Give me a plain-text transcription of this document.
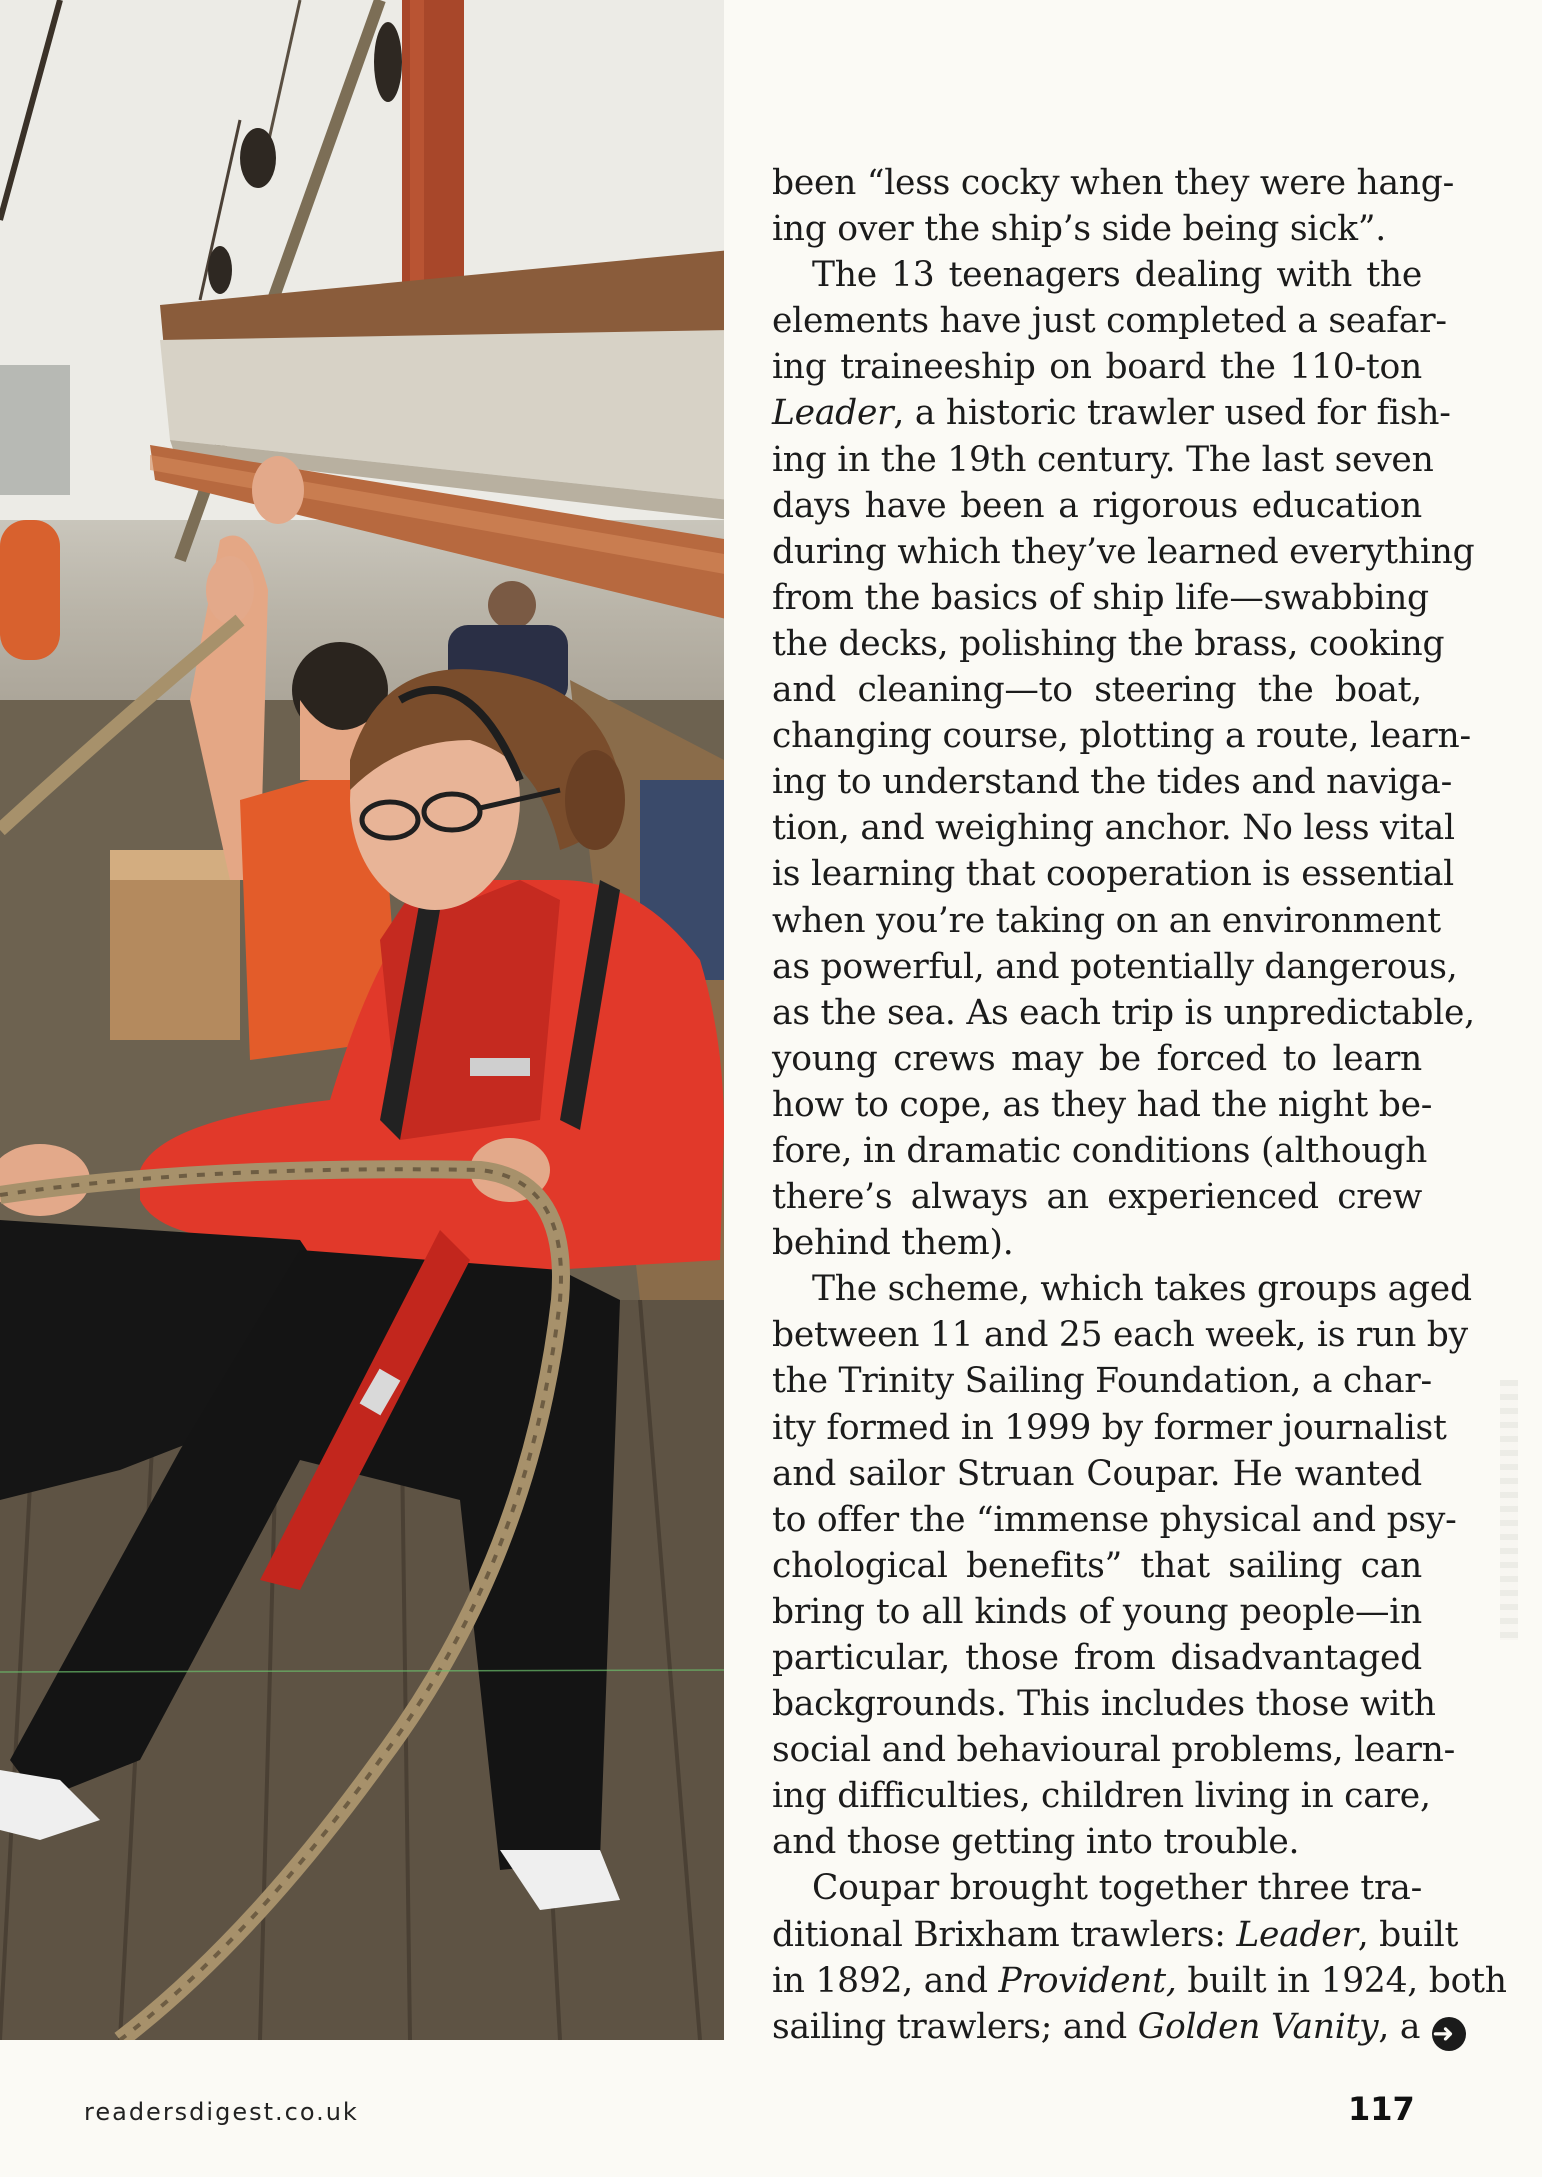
been “less cocky when they were hang-
ing over the ship’s side being sick”.
The 13 teenagers dealing with the
elements have just completed a seafar-
ing traineeship on board the 110-ton
Leader, a historic trawler used for fish-
ing in the 19th century. The last seven
days have been a rigorous education
during which they’ve learned everything
from the basics of ship life—swabbing
the decks, polishing the brass, cooking
and cleaning—to steering the boat,
changing course, plotting a route, learn-
ing to understand the tides and naviga-
tion, and weighing anchor. No less vital
is learning that cooperation is essential
when you’re taking on an environment
as powerful, and potentially dangerous,
as the sea. As each trip is unpredictable,
young crews may be forced to learn
how to cope, as they had the night be-
fore, in dramatic conditions (although
there’s always an experienced crew
behind them).
The scheme, which takes groups aged
between 11 and 25 each week, is run by
the Trinity Sailing Foundation, a char-
ity formed in 1999 by former journalist
and sailor Struan Coupar. He wanted
to offer the “immense physical and psy-
chological benefits” that sailing can
bring to all kinds of young people—in
particular, those from disadvantaged
backgrounds. This includes those with
social and behavioural problems, learn-
ing difficulties, children living in care,
and those getting into trouble.
Coupar brought together three tra-
ditional Brixham trawlers: Leader, built
in 1892, and Provident, built in 1924, both
sailing trawlers; and Golden Vanity, a ➜
readersdigest.co.uk	117
